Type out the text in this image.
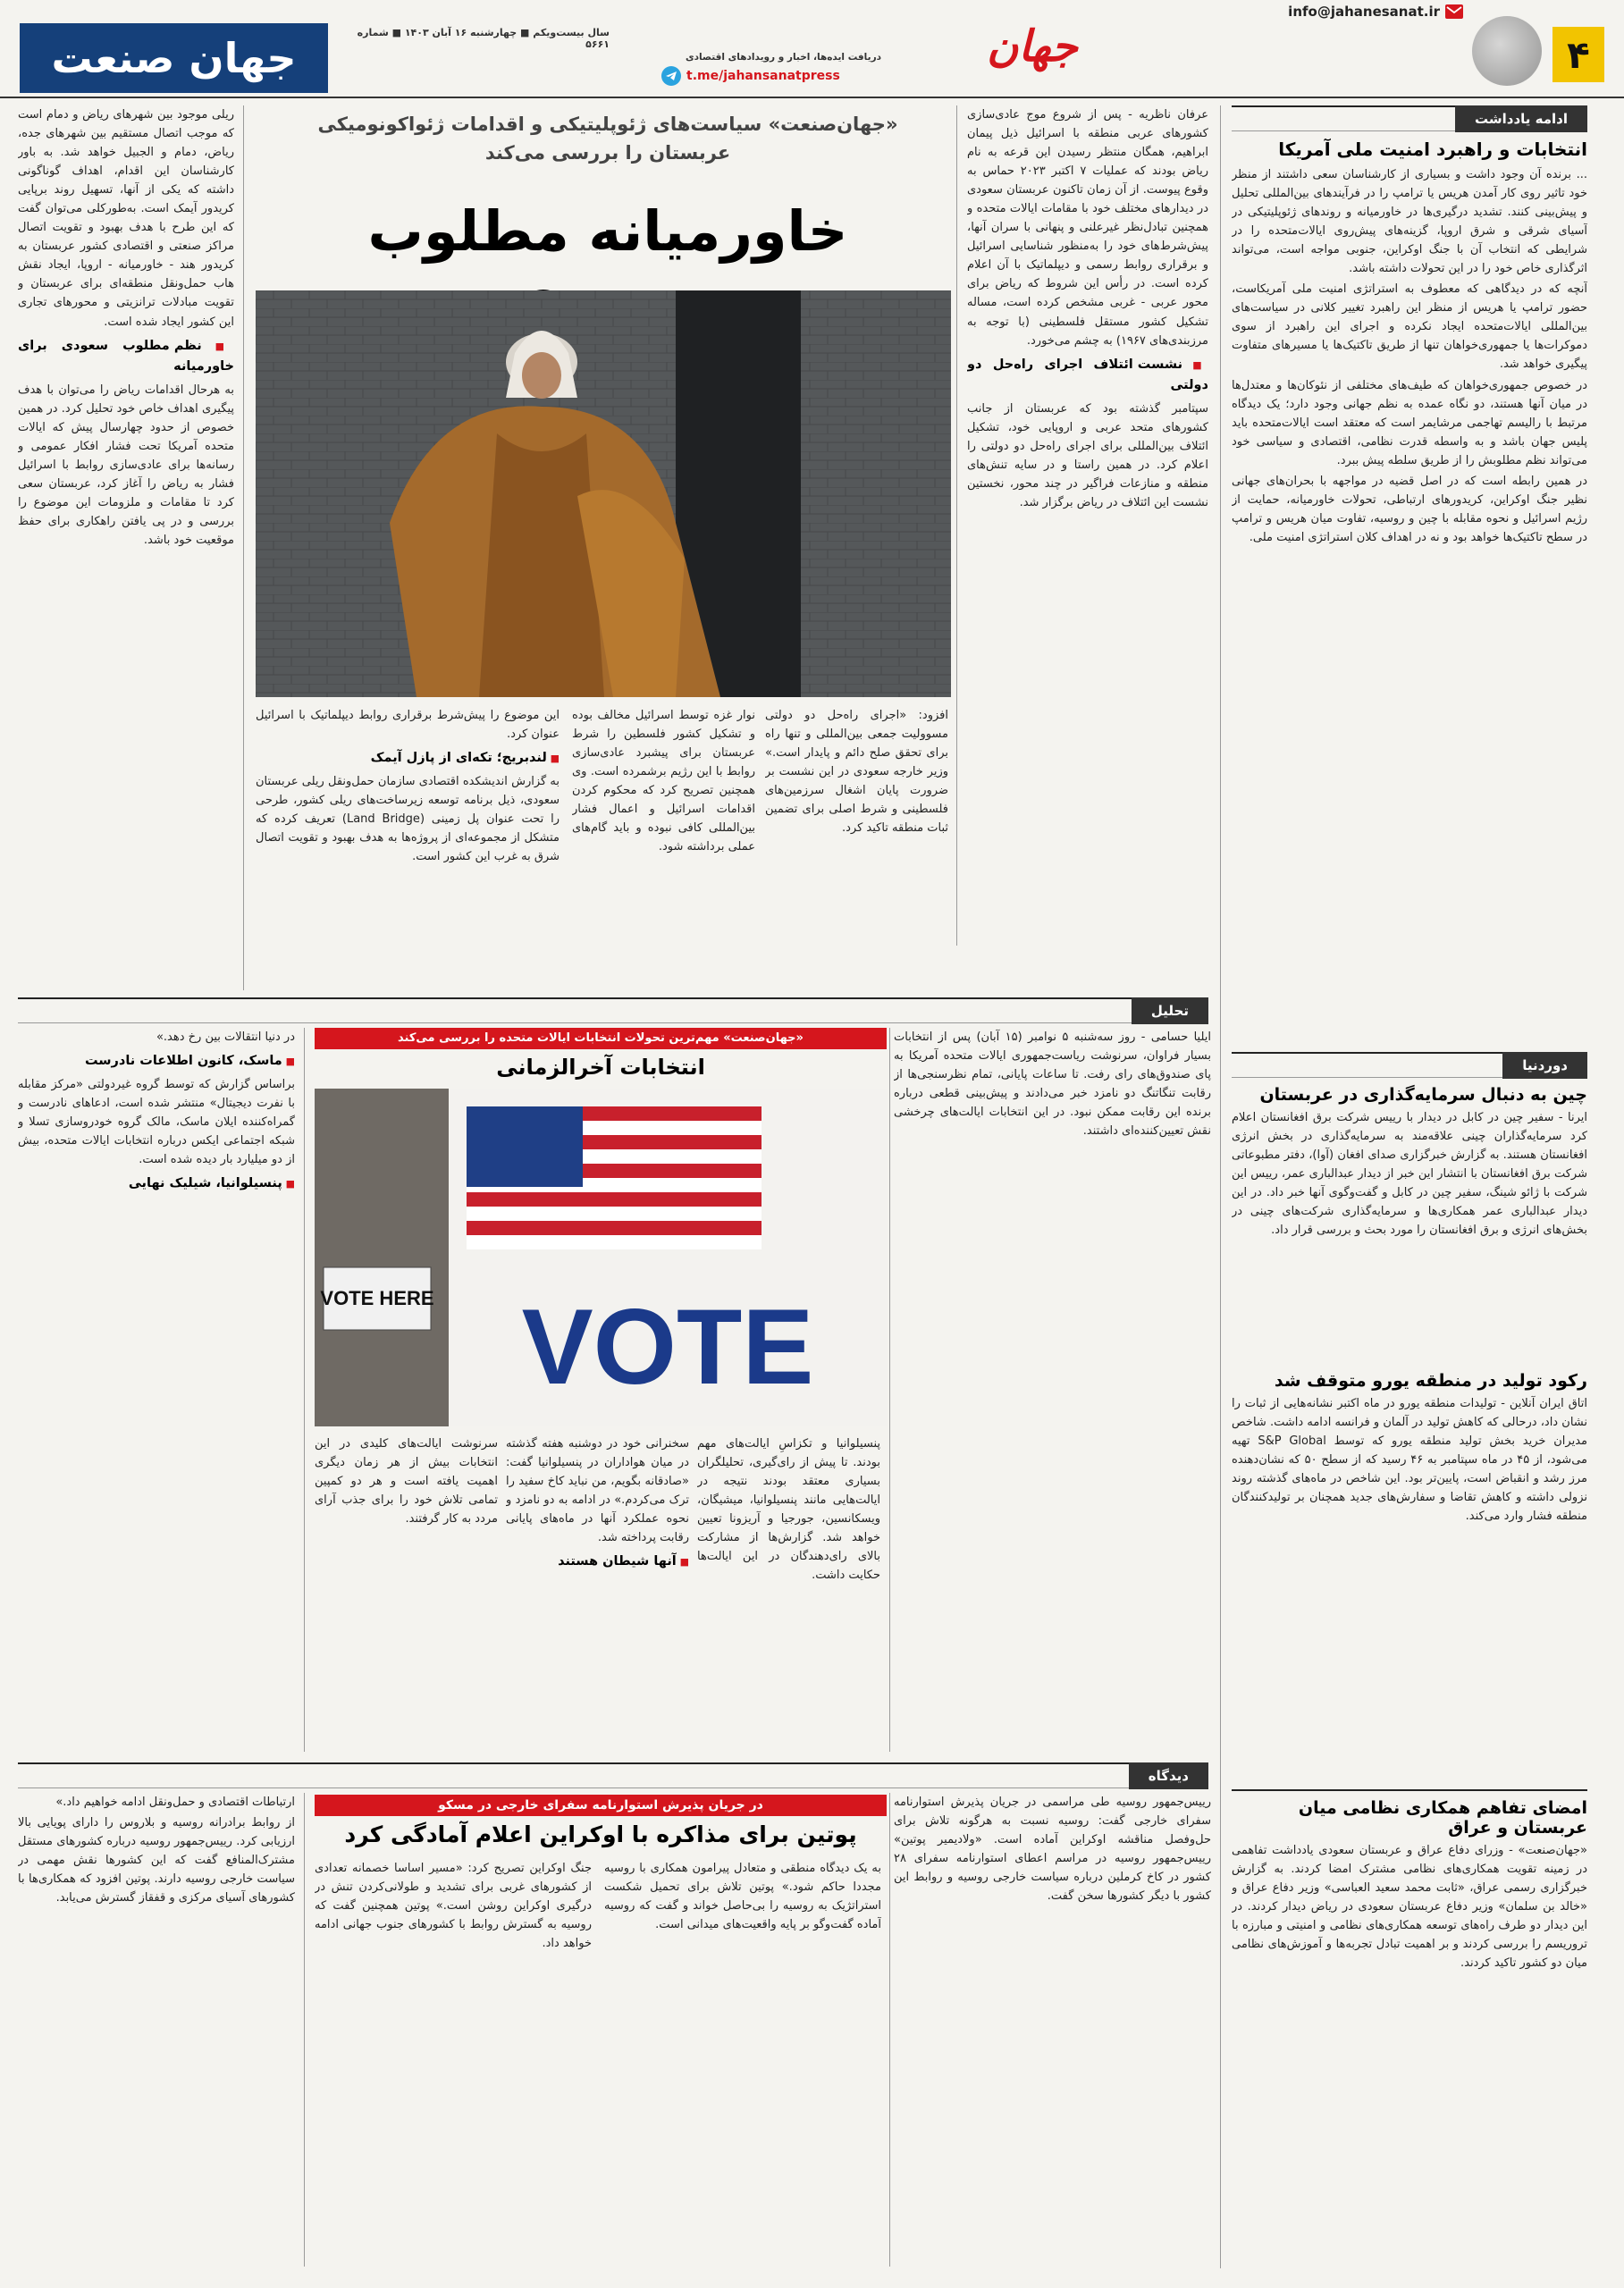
۴
info@jahanesanat.ir
جهان
دریافت ایده‌ها، اخبار و رویدادهای اقتصادی
t.me/jahansanatpress
سال بیست‌ویکم ■ چهارشنبه ۱۶ آبان ۱۴۰۳ ■ شماره ۵۶۶۱
جهان صنعت
ادامه یادداشت
انتخابات و راهبرد امنیت ملی آمریکا

... برنده آن وجود داشت و بسیاری از کارشناسان سعی داشتند از منظر خود تاثیر روی کار آمدن هریس یا ترامپ را در فرآیندهای بین‌المللی تحلیل و پیش‌بینی کنند. تشدید درگیری‌ها در خاورمیانه و روندهای ژئوپلیتیکی در آسیای شرقی و شرق اروپا، گزینه‌های پیش‌روی ایالات‌متحده را در شرایطی که انتخاب آن با جنگ اوکراین، جنوبی مواجه است، می‌تواند اثرگذاری خاص خود را در این تحولات داشته باشد.

آنچه که در دیدگاهی که معطوف به استراتژی امنیت ملی آمریکاست، حضور ترامپ یا هریس از منظر این راهبرد تغییر کلانی در سیاست‌های بین‌المللی ایالات‌متحده ایجاد نکرده و اجرای این راهبرد از سوی دموکرات‌ها یا جمهوری‌خواهان تنها از طریق تاکتیک‌ها یا مسیرهای متفاوت پیگیری خواهد شد.

در خصوص جمهوری‌خواهان که طیف‌های مختلفی از نئوکان‌ها و معتدل‌ها در میان آنها هستند، دو نگاه عمده به نظم جهانی وجود دارد؛ یک دیدگاه مرتبط با رالیسم تهاجمی مرشایمر است که معتقد است ایالات‌متحده باید پلیس جهان باشد و به واسطه قدرت نظامی، اقتصادی و سیاسی خود می‌تواند نظم مطلوبش را از طریق سلطه پیش ببرد.

در همین رابطه است که در اصل قضیه در مواجهه با بحران‌های جهانی نظیر جنگ اوکراین، کریدورهای ارتباطی، تحولات خاورمیانه، حمایت از رژیم اسرائیل و نحوه مقابله با چین و روسیه، تفاوت میان هریس و ترامپ در سطح تاکتیک‌ها خواهد بود و نه در اهداف کلان استراتژی امنیت ملی.

دوردنیا
چین به دنبال سرمایه‌گذاری در عربستان
ایرنا - سفیر چین در کابل در دیدار با رییس شرکت برق افغانستان اعلام کرد سرمایه‌گذاران چینی علاقه‌مند به سرمایه‌گذاری در بخش انرژی افغانستان هستند. به گزارش خبرگزاری صدای افغان (آوا)، دفتر مطبوعاتی شرکت برق افغانستان با انتشار این خبر از دیدار عبدالباری عمر، رییس این شرکت با ژائو شینگ، سفیر چین در کابل و گفت‌وگوی آنها خبر داد. در این دیدار عبدالباری عمر همکاری‌ها و سرمایه‌گذاری شرکت‌های چینی در بخش‌های انرژی و برق افغانستان را مورد بحث و بررسی قرار داد.
رکود تولید در منطقه یورو متوقف شد
اتاق ایران آنلاین - تولیدات منطقه یورو در ماه اکتبر نشانه‌هایی از ثبات را نشان داد، درحالی که کاهش تولید در آلمان و فرانسه ادامه داشت. شاخص مدیران خرید بخش تولید منطقه یورو که توسط S&P Global تهیه می‌شود، از ۴۵ در ماه سپتامبر به ۴۶ رسید که از سطح ۵۰ که نشان‌دهنده مرز رشد و انقباض است، پایین‌تر بود. این شاخص در ماه‌های گذشته روند نزولی داشته و کاهش تقاضا و سفارش‌های جدید همچنان بر تولیدکنندگان منطقه فشار وارد می‌کند.
امضای تفاهم همکاری نظامی میان عربستان و عراق
«جهان‌صنعت» - وزرای دفاع عراق و عربستان سعودی یادداشت تفاهمی در زمینه تقویت همکاری‌های نظامی مشترک امضا کردند. به گزارش خبرگزاری رسمی عراق، «ثابت محمد سعید العباسی» وزیر دفاع عراق و «خالد بن سلمان» وزیر دفاع عربستان سعودی در ریاض دیدار کردند. در این دیدار دو طرف راه‌های توسعه همکاری‌های نظامی و امنیتی و مبارزه با تروریسم را بررسی کردند و بر اهمیت تبادل تجربه‌ها و آموزش‌های نظامی میان دو کشور تاکید کردند.
«جهان‌صنعت» سیاست‌های ژئوپلیتیکی و اقدامات ژئواکونومیکی عربستان را بررسی می‌کند
خاورمیانه مطلوب

عرفان ناظریه - پس از شروع موج عادی‌سازی کشورهای عربی منطقه با اسرائیل ذیل پیمان ابراهیم، همگان منتظر رسیدن این قرعه به نام ریاض بودند که عملیات ۷ اکتبر ۲۰۲۳ حماس به وقوع پیوست. از آن زمان تاکنون عربستان سعودی در دیدارهای مختلف خود با مقامات ایالات متحده و همچنین تبادل‌نظر غیرعلنی و پنهانی با سران آنها، پیش‌شرط‌های خود را به‌منظور شناسایی اسرائیل و برقراری روابط رسمی و دیپلماتیک با آن اعلام کرده است. در رأس این شروط که ریاض برای محور عربی - غربی مشخص کرده است، مساله تشکیل کشور مستقل فلسطینی (با توجه به مرزبندی‌های ۱۹۶۷) به چشم می‌خورد.

■ نشست ائتلاف اجرای راه‌حل دو دولتی

سپتامبر گذشته بود که عربستان از جانب کشورهای متحد عربی و اروپایی خود، تشکیل ائتلاف بین‌المللی برای اجرای راه‌حل دو دولتی را اعلام کرد. در همین راستا و در سایه تنش‌های منطقه و منازعات فراگیر در چند محور، نخستین نشست این ائتلاف در ریاض برگزار شد.

افزود: «اجرای راه‌حل دو دولتی مسوولیت جمعی بین‌المللی و تنها راه برای تحقق صلح دائم و پایدار است.» وزیر خارجه سعودی در این نشست بر ضرورت پایان اشغال سرزمین‌های فلسطینی و شرط اصلی برای تضمین ثبات منطقه تاکید کرد.

نوار غزه توسط اسرائیل مخالف بوده و تشکیل کشور فلسطین را شرط عربستان برای پیشبرد عادی‌سازی روابط با این رژیم برشمرده است. وی همچنین تصریح کرد که محکوم کردن اقدامات اسرائیل و اعمال فشار بین‌المللی کافی نبوده و باید گام‌های عملی برداشته شود.

این موضوع را پیش‌شرط برقراری روابط دیپلماتیک با اسرائیل عنوان کرد.

■ لندبریج؛ تکه‌ای از پازل آیمک

به گزارش اندیشکده اقتصادی سازمان حمل‌ونقل ریلی عربستان سعودی، ذیل برنامه توسعه زیرساخت‌های ریلی کشور، طرحی را تحت عنوان پل زمینی (Land Bridge) تعریف کرده که متشکل از مجموعه‌ای از پروژه‌ها به هدف بهبود و تقویت اتصال شرق به غرب این کشور است.

ریلی موجود بین شهرهای ریاض و دمام است که موجب اتصال مستقیم بین شهرهای جده، ریاض، دمام و الجبیل خواهد شد. به باور کارشناسان این اقدام، اهداف گوناگونی داشته که یکی از آنها، تسهیل روند برپایی کریدور آیمک است. به‌طورکلی می‌توان گفت که این طرح با هدف بهبود و تقویت اتصال مراکز صنعتی و اقتصادی کشور عربستان به کریدور هند - خاورمیانه - اروپا، ایجاد نقش هاب حمل‌ونقل منطقه‌ای برای عربستان و تقویت مبادلات ترانزیتی و محورهای تجاری این کشور ایجاد شده است.

■ نظم مطلوب سعودی برای خاورمیانه

به هرحال اقدامات ریاض را می‌توان با هدف پیگیری اهداف خاص خود تحلیل کرد. در همین خصوص از حدود چهارسال پیش که ایالات متحده آمریکا تحت فشار افکار عمومی و رسانه‌ها برای عادی‌سازی روابط با اسرائیل فشار به ریاض را آغاز کرد، عربستان سعی کرد تا مقامات و ملزومات این موضوع را بررسی و در پی یافتن راهکاری برای حفظ موقعیت خود باشد.

تحلیل
«جهان‌صنعت» مهم‌ترین تحولات انتخابات ایالات متحده را بررسی می‌کند
انتخابات آخرالزمانی
VOTE
VOTE HERE

ایلیا حسامی - روز سه‌شنبه ۵ نوامبر (۱۵ آبان) پس از انتخابات بسیار فراوان، سرنوشت ریاست‌جمهوری ایالات متحده آمریکا به پای صندوق‌های رای رفت. تا ساعات پایانی، تمام نظرسنجی‌ها از رقابت تنگاتنگ دو نامزد خبر می‌دادند و پیش‌بینی قطعی درباره برنده این رقابت ممکن نبود. در این انتخابات ایالت‌های چرخشی نقش تعیین‌کننده‌ای داشتند.

پنسیلوانیا و تکزاسِ ایالت‌های مهم بودند. تا پیش از رای‌گیری، تحلیلگران بسیاری معتقد بودند نتیجه در ایالت‌هایی مانند پنسیلوانیا، میشیگان، ویسکانسین، جورجیا و آریزونا تعیین خواهد شد. گزارش‌ها از مشارکت بالای رای‌دهندگان در این ایالت‌ها حکایت داشت.

سخنرانی خود در دوشنبه هفته گذشته در میان هواداران در پنسیلوانیا گفت: «صادقانه بگویم، من نباید کاخ سفید را ترک می‌کردم.» در ادامه به دو نامزد و نحوه عملکرد آنها در ماه‌های پایانی رقابت پرداخته شد.

■ آنها شیطان هستند

سرنوشت ایالت‌های کلیدی در این انتخابات بیش از هر زمان دیگری اهمیت یافته است و هر دو کمپین تمامی تلاش خود را برای جذب آرای مردد به کار گرفتند.

در دنیا انتقالات بین رخ دهد.»

■ ماسک، کانون اطلاعات نادرست

براساس گزارش که توسط گروه غیردولتی «مرکز مقابله با نفرت دیجیتال» منتشر شده است، ادعاهای نادرست و گمراه‌کننده ایلان ماسک، مالک گروه خودروسازی تسلا و شبکه اجتماعی ایکس درباره انتخابات ایالات متحده، بیش از دو میلیارد بار دیده شده است.

■ پنسیلوانیا، شیلیک نهایی
دیدگاه
در جریان پذیرش استوارنامه سفرای خارجی در مسکو
پوتین برای مذاکره با اوکراین اعلام آمادگی کرد

رییس‌جمهور روسیه طی مراسمی در جریان پذیرش استوارنامه سفرای خارجی گفت: روسیه نسبت به هرگونه تلاش برای حل‌وفصل مناقشه اوکراین آماده است. «ولادیمیر پوتین» رییس‌جمهور روسیه در مراسم اعطای استوارنامه سفرای ۲۸ کشور در کاخ کرملین درباره سیاست خارجی روسیه و روابط این کشور با دیگر کشورها سخن گفت.

به یک دیدگاه منطقی و متعادل پیرامون همکاری با روسیه مجددا حاکم شود.» پوتین تلاش برای تحمیل شکست استراتژیک به روسیه را بی‌حاصل خواند و گفت که روسیه آماده گفت‌وگو بر پایه واقعیت‌های میدانی است.

جنگ اوکراین تصریح کرد: «مسیر اساسا خصمانه تعدادی از کشورهای غربی برای تشدید و طولانی‌کردن تنش در درگیری اوکراین روشن است.» پوتین همچنین گفت که روسیه به گسترش روابط با کشورهای جنوب جهانی ادامه خواهد داد.

ارتباطات اقتصادی و حمل‌ونقل ادامه خواهیم داد.»

از روابط برادرانه روسیه و بلاروس را دارای پویایی بالا ارزیابی کرد. رییس‌جمهور روسیه درباره کشورهای مستقل مشترک‌المنافع گفت که این کشورها نقش مهمی در سیاست خارجی روسیه دارند. پوتین افزود که همکاری‌ها با کشورهای آسیای مرکزی و قفقاز گسترش می‌یابد.
